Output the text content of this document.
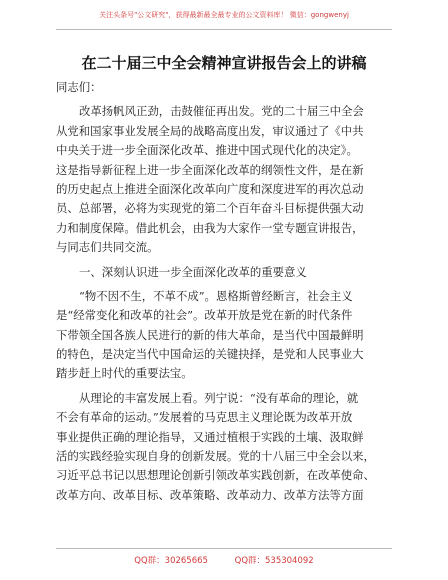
关注头条号"公文研究"，获得最新最全最专业的公文资料库！ 微信：gongwenyj
在二十届三中全会精神宣讲报告会上的讲稿
同志们：
改革扬帆风正劲，击鼓催征再出发。党的二十届三中全会
从党和国家事业发展全局的战略高度出发，审议通过了《中共
中央关于进一步全面深化改革、推进中国式现代化的决定》。
这是指导新征程上进一步全面深化改革的纲领性文件，是在新
的历史起点上推进全面深化改革向广度和深度进军的再次总动
员、总部署，必将为实现党的第二个百年奋斗目标提供强大动
力和制度保障。借此机会，由我为大家作一堂专题宣讲报告，
与同志们共同交流。
一、深刻认识进一步全面深化改革的重要意义
“物不因不生，不革不成”。恩格斯曾经断言，社会主义
是“经常变化和改革的社会”。改革开放是党在新的时代条件
下带领全国各族人民进行的新的伟大革命，是当代中国最鲜明
的特色，是决定当代中国命运的关键抉择，是党和人民事业大
踏步赶上时代的重要法宝。
从理论的丰富发展上看。列宁说：“没有革命的理论，就
不会有革命的运动。”发展着的马克思主义理论既为改革开放
事业提供正确的理论指导，又通过植根于实践的土壤、汲取鲜
活的实践经验实现自身的创新发展。党的十八届三中全会以来，
习近平总书记以思想理论创新引领改革实践创新，在改革使命、
改革方向、改革目标、改革策略、改革动力、改革方法等方面
QQ群：30265665	QQ群：535304092
